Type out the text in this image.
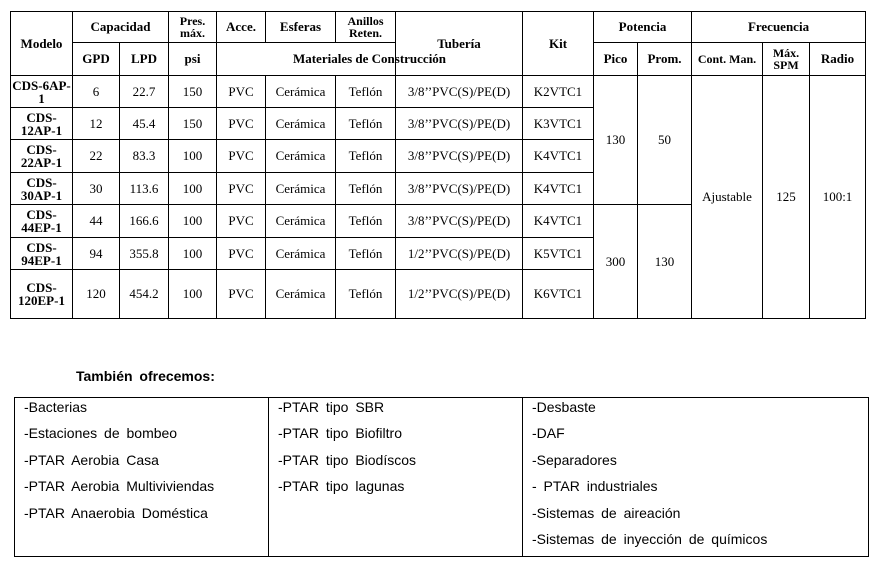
Modelo	Capacidad		Pres. máx.	Acce.	Esferas	Anillos Reten.	Tubería	Kit	Potencia		Frecuencia		
	GPD	LPD	psi	Materiales de Construcción					Pico	Prom.	Cont. Man.	Máx. SPM	Radio
CDS-6AP-1	6	22.7	150	PVC	Cerámica	Teflón	3/8’’PVC(S)/PE(D)	K2VTC1	130	50	Ajustable	125	100:1
CDS-12AP-1	12	45.4	150	PVC	Cerámica	Teflón	3/8’’PVC(S)/PE(D)	K3VTC1					
CDS-22AP-1	22	83.3	100	PVC	Cerámica	Teflón	3/8’’PVC(S)/PE(D)	K4VTC1					
CDS-30AP-1	30	113.6	100	PVC	Cerámica	Teflón	3/8’’PVC(S)/PE(D)	K4VTC1					
CDS-44EP-1	44	166.6	100	PVC	Cerámica	Teflón	3/8’’PVC(S)/PE(D)	K4VTC1	300	130			
CDS-94EP-1	94	355.8	100	PVC	Cerámica	Teflón	1/2’’PVC(S)/PE(D)	K5VTC1					
CDS-120EP-1	120	454.2	100	PVC	Cerámica	Teflón	1/2’’PVC(S)/PE(D)	K6VTC1					

También ofrecemos:

-Bacterias
-Estaciones de bombeo
-PTAR Aerobia Casa
-PTAR Aerobia Multiviviendas
-PTAR Anaerobia Doméstica

-PTAR tipo SBR
-PTAR tipo Biofiltro
-PTAR tipo Biodíscos
-PTAR tipo lagunas

-Desbaste
-DAF
-Separadores
- PTAR industriales
-Sistemas de aireación
-Sistemas de inyección de químicos
